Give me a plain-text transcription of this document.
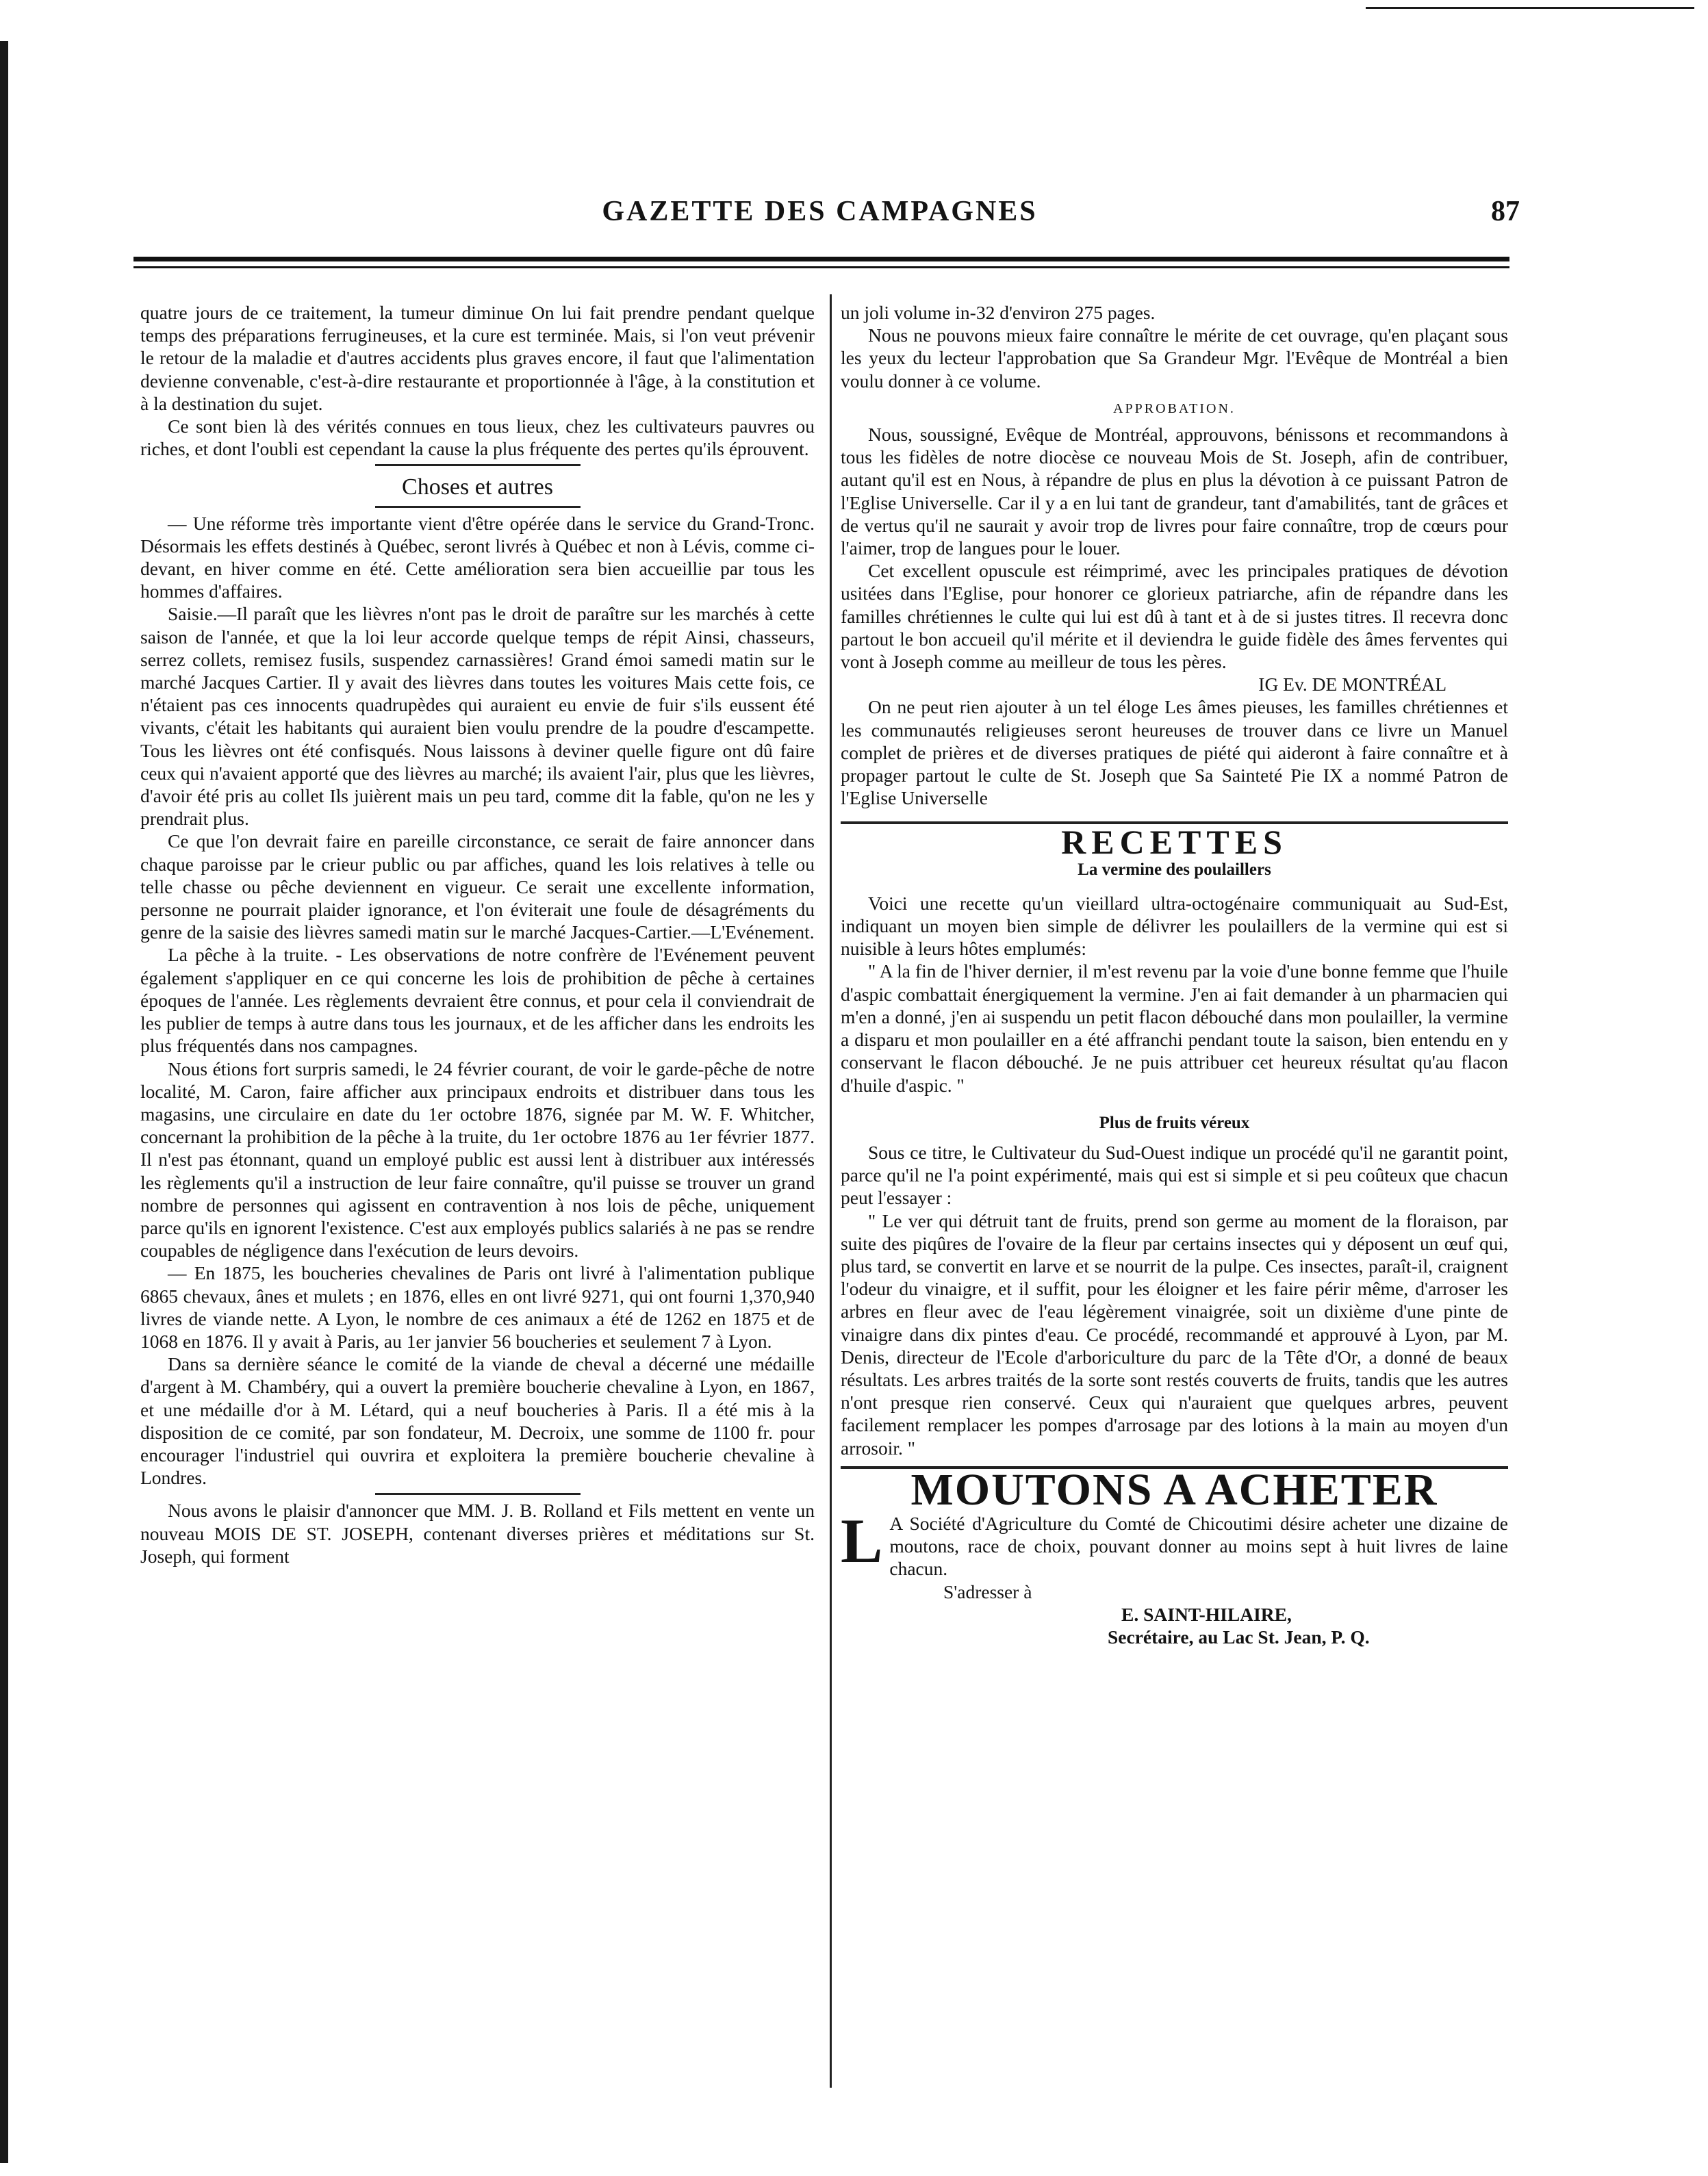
GAZETTE DES CAMPAGNES	87

quatre jours de ce traitement, la tumeur diminue On lui fait prendre pendant quelque temps des préparations ferrugineuses, et la cure est terminée. Mais, si l'on veut prévenir le retour de la maladie et d'autres accidents plus graves encore, il faut que l'alimentation devienne convenable, c'est-à-dire restaurante et proportionnée à l'âge, à la constitution et à la destination du sujet.

Ce sont bien là des vérités connues en tous lieux, chez les cultivateurs pauvres ou riches, et dont l'oubli est cependant la cause la plus fréquente des pertes qu'ils éprouvent.

Choses et autres

— Une réforme très importante vient d'être opérée dans le service du Grand-Tronc. Désormais les effets destinés à Québec, seront livrés à Québec et non à Lévis, comme ci-devant, en hiver comme en été. Cette amélioration sera bien accueillie par tous les hommes d'affaires.

Saisie.—Il paraît que les lièvres n'ont pas le droit de paraître sur les marchés à cette saison de l'année, et que la loi leur accorde quelque temps de répit Ainsi, chasseurs, serrez collets, remisez fusils, suspendez carnassières! Grand émoi samedi matin sur le marché Jacques Cartier. Il y avait des lièvres dans toutes les voitures Mais cette fois, ce n'étaient pas ces innocents quadrupèdes qui auraient eu envie de fuir s'ils eussent été vivants, c'était les habitants qui auraient bien voulu prendre de la poudre d'escampette. Tous les lièvres ont été confisqués. Nous laissons à deviner quelle figure ont dû faire ceux qui n'avaient apporté que des lièvres au marché; ils avaient l'air, plus que les lièvres, d'avoir été pris au collet Ils juièrent mais un peu tard, comme dit la fable, qu'on ne les y prendrait plus.

Ce que l'on devrait faire en pareille circonstance, ce serait de faire annoncer dans chaque paroisse par le crieur public ou par affiches, quand les lois relatives à telle ou telle chasse ou pêche deviennent en vigueur. Ce serait une excellente information, personne ne pourrait plaider ignorance, et l'on éviterait une foule de désagréments du genre de la saisie des lièvres samedi matin sur le marché Jacques-Cartier.—L'Evénement.

La pêche à la truite. - Les observations de notre confrère de l'Evénement peuvent également s'appliquer en ce qui concerne les lois de prohibition de pêche à certaines époques de l'année. Les règlements devraient être connus, et pour cela il conviendrait de les publier de temps à autre dans tous les journaux, et de les afficher dans les endroits les plus fréquentés dans nos campagnes.

Nous étions fort surpris samedi, le 24 février courant, de voir le garde-pêche de notre localité, M. Caron, faire afficher aux principaux endroits et distribuer dans tous les magasins, une circulaire en date du 1er octobre 1876, signée par M. W. F. Whitcher, concernant la prohibition de la pêche à la truite, du 1er octobre 1876 au 1er février 1877. Il n'est pas étonnant, quand un employé public est aussi lent à distribuer aux intéressés les règlements qu'il a instruction de leur faire connaître, qu'il puisse se trouver un grand nombre de personnes qui agissent en contravention à nos lois de pêche, uniquement parce qu'ils en ignorent l'existence. C'est aux employés publics salariés à ne pas se rendre coupables de négligence dans l'exécution de leurs devoirs.

— En 1875, les boucheries chevalines de Paris ont livré à l'alimentation publique 6865 chevaux, ânes et mulets ; en 1876, elles en ont livré 9271, qui ont fourni 1,370,940 livres de viande nette. A Lyon, le nombre de ces animaux a été de 1262 en 1875 et de 1068 en 1876. Il y avait à Paris, au 1er janvier 56 boucheries et seulement 7 à Lyon.

Dans sa dernière séance le comité de la viande de cheval a décerné une médaille d'argent à M. Chambéry, qui a ouvert la première boucherie chevaline à Lyon, en 1867, et une médaille d'or à M. Létard, qui a neuf boucheries à Paris. Il a été mis à la disposition de ce comité, par son fondateur, M. Decroix, une somme de 1100 fr. pour encourager l'industriel qui ouvrira et exploitera la première boucherie chevaline à Londres.

Nous avons le plaisir d'annoncer que MM. J. B. Rolland et Fils mettent en vente un nouveau MOIS DE ST. JOSEPH, contenant diverses prières et méditations sur St. Joseph, qui forment

un joli volume in-32 d'environ 275 pages.

Nous ne pouvons mieux faire connaître le mérite de cet ouvrage, qu'en plaçant sous les yeux du lecteur l'approbation que Sa Grandeur Mgr. l'Evêque de Montréal a bien voulu donner à ce volume.

APPROBATION.

Nous, soussigné, Evêque de Montréal, approuvons, bénissons et recommandons à tous les fidèles de notre diocèse ce nouveau Mois de St. Joseph, afin de contribuer, autant qu'il est en Nous, à répandre de plus en plus la dévotion à ce puissant Patron de l'Eglise Universelle. Car il y a en lui tant de grandeur, tant d'amabilités, tant de grâces et de vertus qu'il ne saurait y avoir trop de livres pour faire connaître, trop de cœurs pour l'aimer, trop de langues pour le louer.

Cet excellent opuscule est réimprimé, avec les principales pratiques de dévotion usitées dans l'Eglise, pour honorer ce glorieux patriarche, afin de répandre dans les familles chrétiennes le culte qui lui est dû à tant et à de si justes titres. Il recevra donc partout le bon accueil qu'il mérite et il deviendra le guide fidèle des âmes ferventes qui vont à Joseph comme au meilleur de tous les pères.

IG Ev. DE MONTRÉAL

On ne peut rien ajouter à un tel éloge Les âmes pieuses, les familles chrétiennes et les communautés religieuses seront heureuses de trouver dans ce livre un Manuel complet de prières et de diverses pratiques de piété qui aideront à faire connaître et à propager partout le culte de St. Joseph que Sa Sainteté Pie IX a nommé Patron de l'Eglise Universelle

RECETTES
La vermine des poulaillers

Voici une recette qu'un vieillard ultra-octogénaire communiquait au Sud-Est, indiquant un moyen bien simple de délivrer les poulaillers de la vermine qui est si nuisible à leurs hôtes emplumés:

" A la fin de l'hiver dernier, il m'est revenu par la voie d'une bonne femme que l'huile d'aspic combattait énergiquement la vermine. J'en ai fait demander à un pharmacien qui m'en a donné, j'en ai suspendu un petit flacon débouché dans mon poulailler, la vermine a disparu et mon poulailler en a été affranchi pendant toute la saison, bien entendu en y conservant le flacon débouché. Je ne puis attribuer cet heureux résultat qu'au flacon d'huile d'aspic. "

Plus de fruits véreux

Sous ce titre, le Cultivateur du Sud-Ouest indique un procédé qu'il ne garantit point, parce qu'il ne l'a point expérimenté, mais qui est si simple et si peu coûteux que chacun peut l'essayer :

" Le ver qui détruit tant de fruits, prend son germe au moment de la floraison, par suite des piqûres de l'ovaire de la fleur par certains insectes qui y déposent un œuf qui, plus tard, se convertit en larve et se nourrit de la pulpe. Ces insectes, paraît-il, craignent l'odeur du vinaigre, et il suffit, pour les éloigner et les faire périr même, d'arroser les arbres en fleur avec de l'eau légèrement vinaigrée, soit un dixième d'une pinte de vinaigre dans dix pintes d'eau. Ce procédé, recommandé et approuvé à Lyon, par M. Denis, directeur de l'Ecole d'arboriculture du parc de la Tête d'Or, a donné de beaux résultats. Les arbres traités de la sorte sont restés couverts de fruits, tandis que les autres n'ont presque rien conservé. Ceux qui n'auraient que quelques arbres, peuvent facilement remplacer les pompes d'arrosage par des lotions à la main au moyen d'un arrosoir. "

MOUTONS A ACHETER

L A Société d'Agriculture du Comté de Chicoutimi désire acheter une dizaine de moutons, race de choix, pouvant donner au moins sept à huit livres de laine chacun.

S'adresser à
E. SAINT-HILAIRE,
Secrétaire, au Lac St. Jean, P. Q.
